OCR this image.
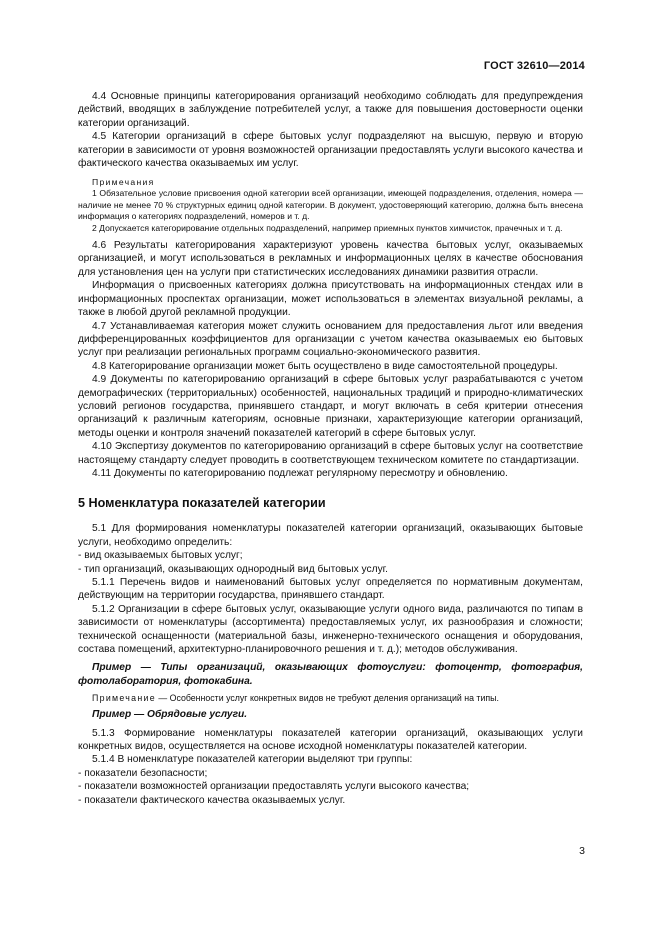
ГОСТ 32610—2014

4.4 Основные принципы категорирования организаций необходимо соблюдать для предупреждения действий, вводящих в заблуждение потребителей услуг, а также для повышения достоверности оценки категории организаций.

4.5 Категории организаций в сфере бытовых услуг подразделяют на высшую, первую и вторую категории в зависимости от уровня возможностей организации предоставлять услуги высокого качества и фактического качества оказываемых им услуг.

Примечания

1 Обязательное условие присвоения одной категории всей организации, имеющей подразделения, отделения, номера — наличие не менее 70 % структурных единиц одной категории. В документ, удостоверяющий категорию, должна быть внесена информация о категориях подразделений, номеров и т. д.

2 Допускается категорирование отдельных подразделений, например приемных пунктов химчисток, прачечных и т. д.

4.6 Результаты категорирования характеризуют уровень качества бытовых услуг, оказываемых организацией, и могут использоваться в рекламных и информационных целях в качестве обоснования для установления цен на услуги при статистических исследованиях динамики развития отрасли.

Информация о присвоенных категориях должна присутствовать на информационных стендах или в информационных проспектах организации, может использоваться в элементах визуальной рекламы, а также в любой другой рекламной продукции.

4.7 Устанавливаемая категория может служить основанием для предоставления льгот или введения дифференцированных коэффициентов для организации с учетом качества оказываемых ею бытовых услуг при реализации региональных программ социально-экономического развития.

4.8 Категорирование организации может быть осуществлено в виде самостоятельной процедуры.

4.9 Документы по категорированию организаций в сфере бытовых услуг разрабатываются с учетом демографических (территориальных) особенностей, национальных традиций и природно-климатических условий регионов государства, принявшего стандарт, и могут включать в себя критерии отнесения организаций к различным категориям, основные признаки, характеризующие категории организаций, методы оценки и контроля значений показателей категорий в сфере бытовых услуг.

4.10 Экспертизу документов по категорированию организаций в сфере бытовых услуг на соответствие настоящему стандарту следует проводить в соответствующем техническом комитете по стандартизации.

4.11 Документы по категорированию подлежат регулярному пересмотру и обновлению.

5 Номенклатура показателей категории

5.1 Для формирования номенклатуры показателей категории организаций, оказывающих бытовые услуги, необходимо определить:

- вид оказываемых бытовых услуг;

- тип организаций, оказывающих однородный вид бытовых услуг.

5.1.1 Перечень видов и наименований бытовых услуг определяется по нормативным документам, действующим на территории государства, принявшего стандарт.

5.1.2 Организации в сфере бытовых услуг, оказывающие услуги одного вида, различаются по типам в зависимости от номенклатуры (ассортимента) предоставляемых услуг, их разнообразия и сложности; технической оснащенности (материальной базы, инженерно-технического оснащения и оборудования, состава помещений, архитектурно-планировочного решения и т. д.); методов обслуживания.

Пример — Типы организаций, оказывающих фотоуслуги: фотоцентр, фотография, фотолаборатория, фотокабина.

Примечание — Особенности услуг конкретных видов не требуют деления организаций на типы.

Пример — Обрядовые услуги.

5.1.3 Формирование номенклатуры показателей категории организаций, оказывающих услуги конкретных видов, осуществляется на основе исходной номенклатуры показателей категории.

5.1.4 В номенклатуре показателей категории выделяют три группы:

- показатели безопасности;

- показатели возможностей организации предоставлять услуги высокого качества;

- показатели фактического качества оказываемых услуг.

3
